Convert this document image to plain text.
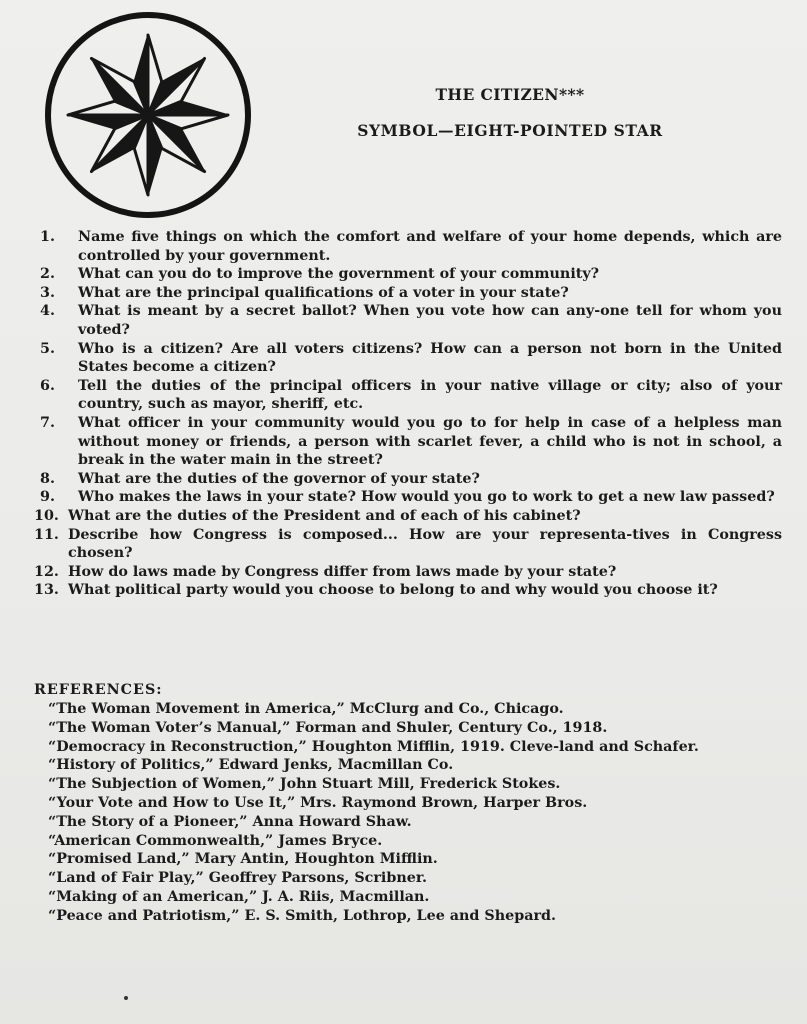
THE CITIZEN***
SYMBOL—EIGHT-POINTED STAR
1. Name five things on which the comfort and welfare of your home depends, which are controlled by your government.
2. What can you do to improve the government of your community?
3. What are the principal qualifications of a voter in your state?
4. What is meant by a secret ballot? When you vote how can any-one tell for whom you voted?
5. Who is a citizen? Are all voters citizens? How can a person not born in the United States become a citizen?
6. Tell the duties of the principal officers in your native village or city; also of your country, such as mayor, sheriff, etc.
7. What officer in your community would you go to for help in case of a helpless man without money or friends, a person with scarlet fever, a child who is not in school, a break in the water main in the street?
8. What are the duties of the governor of your state?
9. Who makes the laws in your state? How would you go to work to get a new law passed?
10. What are the duties of the President and of each of his cabinet?
11. Describe how Congress is composed... How are your representa-tives in Congress chosen?
12. How do laws made by Congress differ from laws made by your state?
13. What political party would you choose to belong to and why would you choose it?
REFERENCES:

“The Woman Movement in America,” McClurg and Co., Chicago.

“The Woman Voter’s Manual,” Forman and Shuler, Century Co., 1918.

“Democracy in Reconstruction,” Houghton Mifflin, 1919. Cleve-land and Schafer.

“History of Politics,” Edward Jenks, Macmillan Co.

“The Subjection of Women,” John Stuart Mill, Frederick Stokes.

“Your Vote and How to Use It,” Mrs. Raymond Brown, Harper Bros.

“The Story of a Pioneer,” Anna Howard Shaw.

“American Commonwealth,” James Bryce.

“Promised Land,” Mary Antin, Houghton Mifflin.

“Land of Fair Play,” Geoffrey Parsons, Scribner.

“Making of an American,” J. A. Riis, Macmillan.

“Peace and Patriotism,” E. S. Smith, Lothrop, Lee and Shepard.
